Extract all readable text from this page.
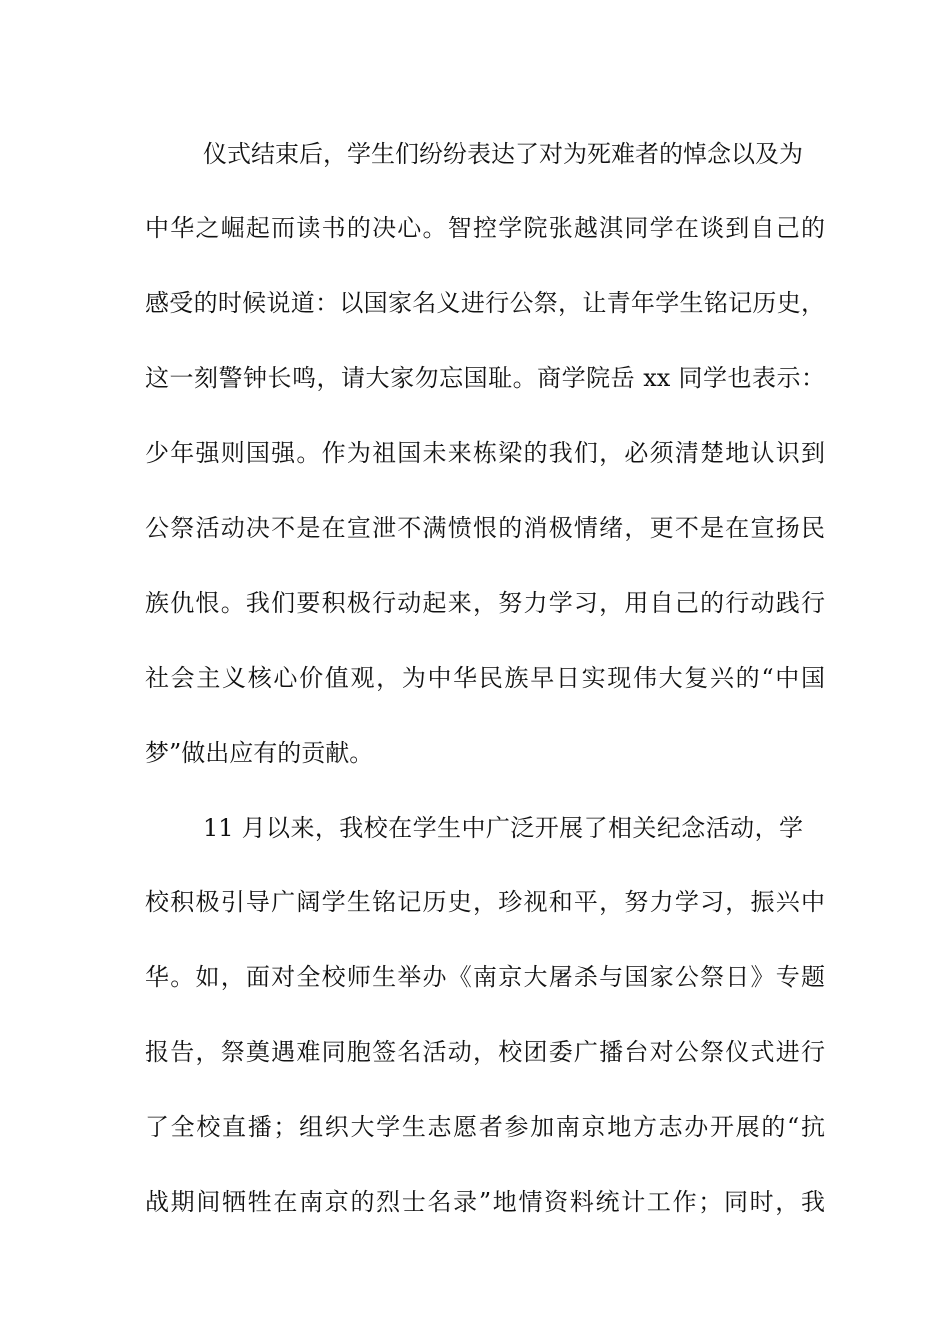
仪式结束后，学生们纷纷表达了对为死难者的悼念以及为
中华之崛起而读书的决心。智控学院张越淇同学在谈到自己的
感受的时候说道：以国家名义进行公祭，让青年学生铭记历史，
这一刻警钟长鸣，请大家勿忘国耻。商学院岳 xx 同学也表示：
少年强则国强。作为祖国未来栋梁的我们，必须清楚地认识到
公祭活动决不是在宣泄不满愤恨的消极情绪，更不是在宣扬民
族仇恨。我们要积极行动起来，努力学习，用自己的行动践行
社会主义核心价值观，为中华民族早日实现伟大复兴的“中国
梦”做出应有的贡献。
11 月以来，我校在学生中广泛开展了相关纪念活动，学
校积极引导广阔学生铭记历史，珍视和平，努力学习，振兴中
华。如，面对全校师生举办《南京大屠杀与国家公祭日》专题
报告，祭奠遇难同胞签名活动，校团委广播台对公祭仪式进行
了全校直播；组织大学生志愿者参加南京地方志办开展的“抗
战期间牺牲在南京的烈士名录”地情资料统计工作；同时，我
